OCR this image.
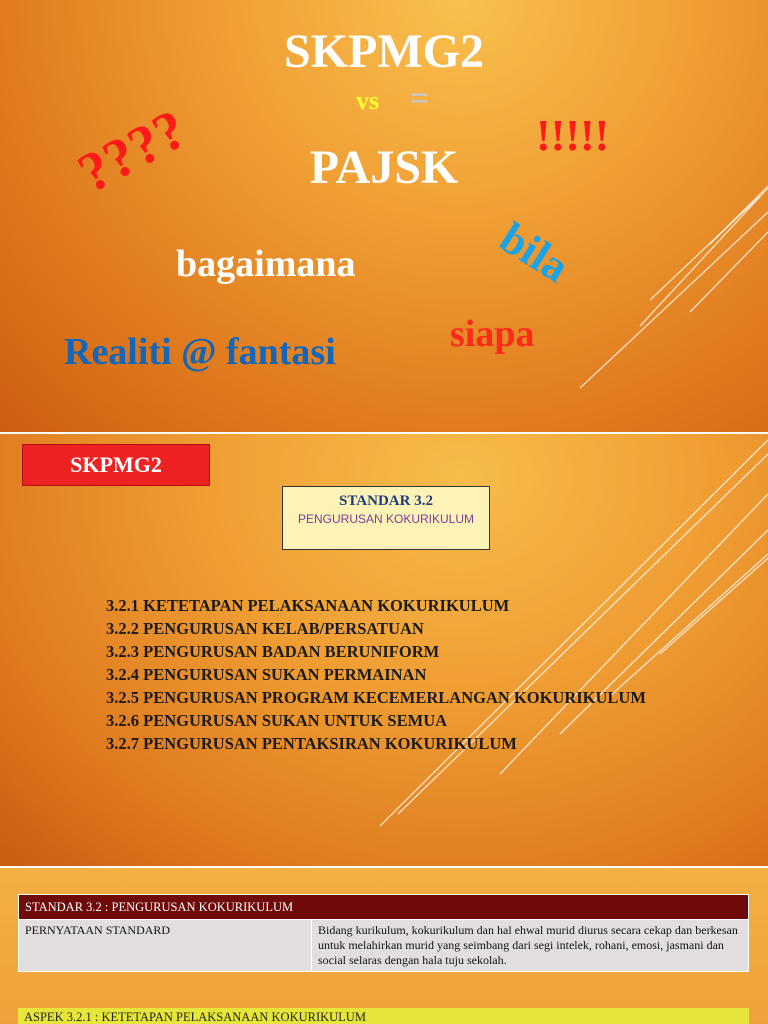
SKPMG2
vs =
PAJSK
????	!!!!!
bila
bagaimana
siapa
Realiti @ fantasi
SKPMG2
STANDAR 3.2
PENGURUSAN KOKURIKULUM
3.2.1 KETETAPAN PELAKSANAAN KOKURIKULUM
3.2.2 PENGURUSAN KELAB/PERSATUAN
3.2.3 PENGURUSAN BADAN BERUNIFORM
3.2.4 PENGURUSAN SUKAN PERMAINAN
3.2.5 PENGURUSAN PROGRAM KECEMERLANGAN KOKURIKULUM
3.2.6 PENGURUSAN SUKAN UNTUK SEMUA
3.2.7 PENGURUSAN PENTAKSIRAN KOKURIKULUM
STANDAR 3.2 : PENGURUSAN KOKURIKULUM
PERNYATAAN STANDARD	Bidang kurikulum, kokurikulum dan hal ehwal murid diurus secara cekap dan berkesan untuk melahirkan murid yang seimbang dari segi intelek, rohani, emosi, jasmani dan social selaras dengan hala tuju sekolah.
ASPEK 3.2.1 : KETETAPAN PELAKSANAAN KOKURIKULUM
